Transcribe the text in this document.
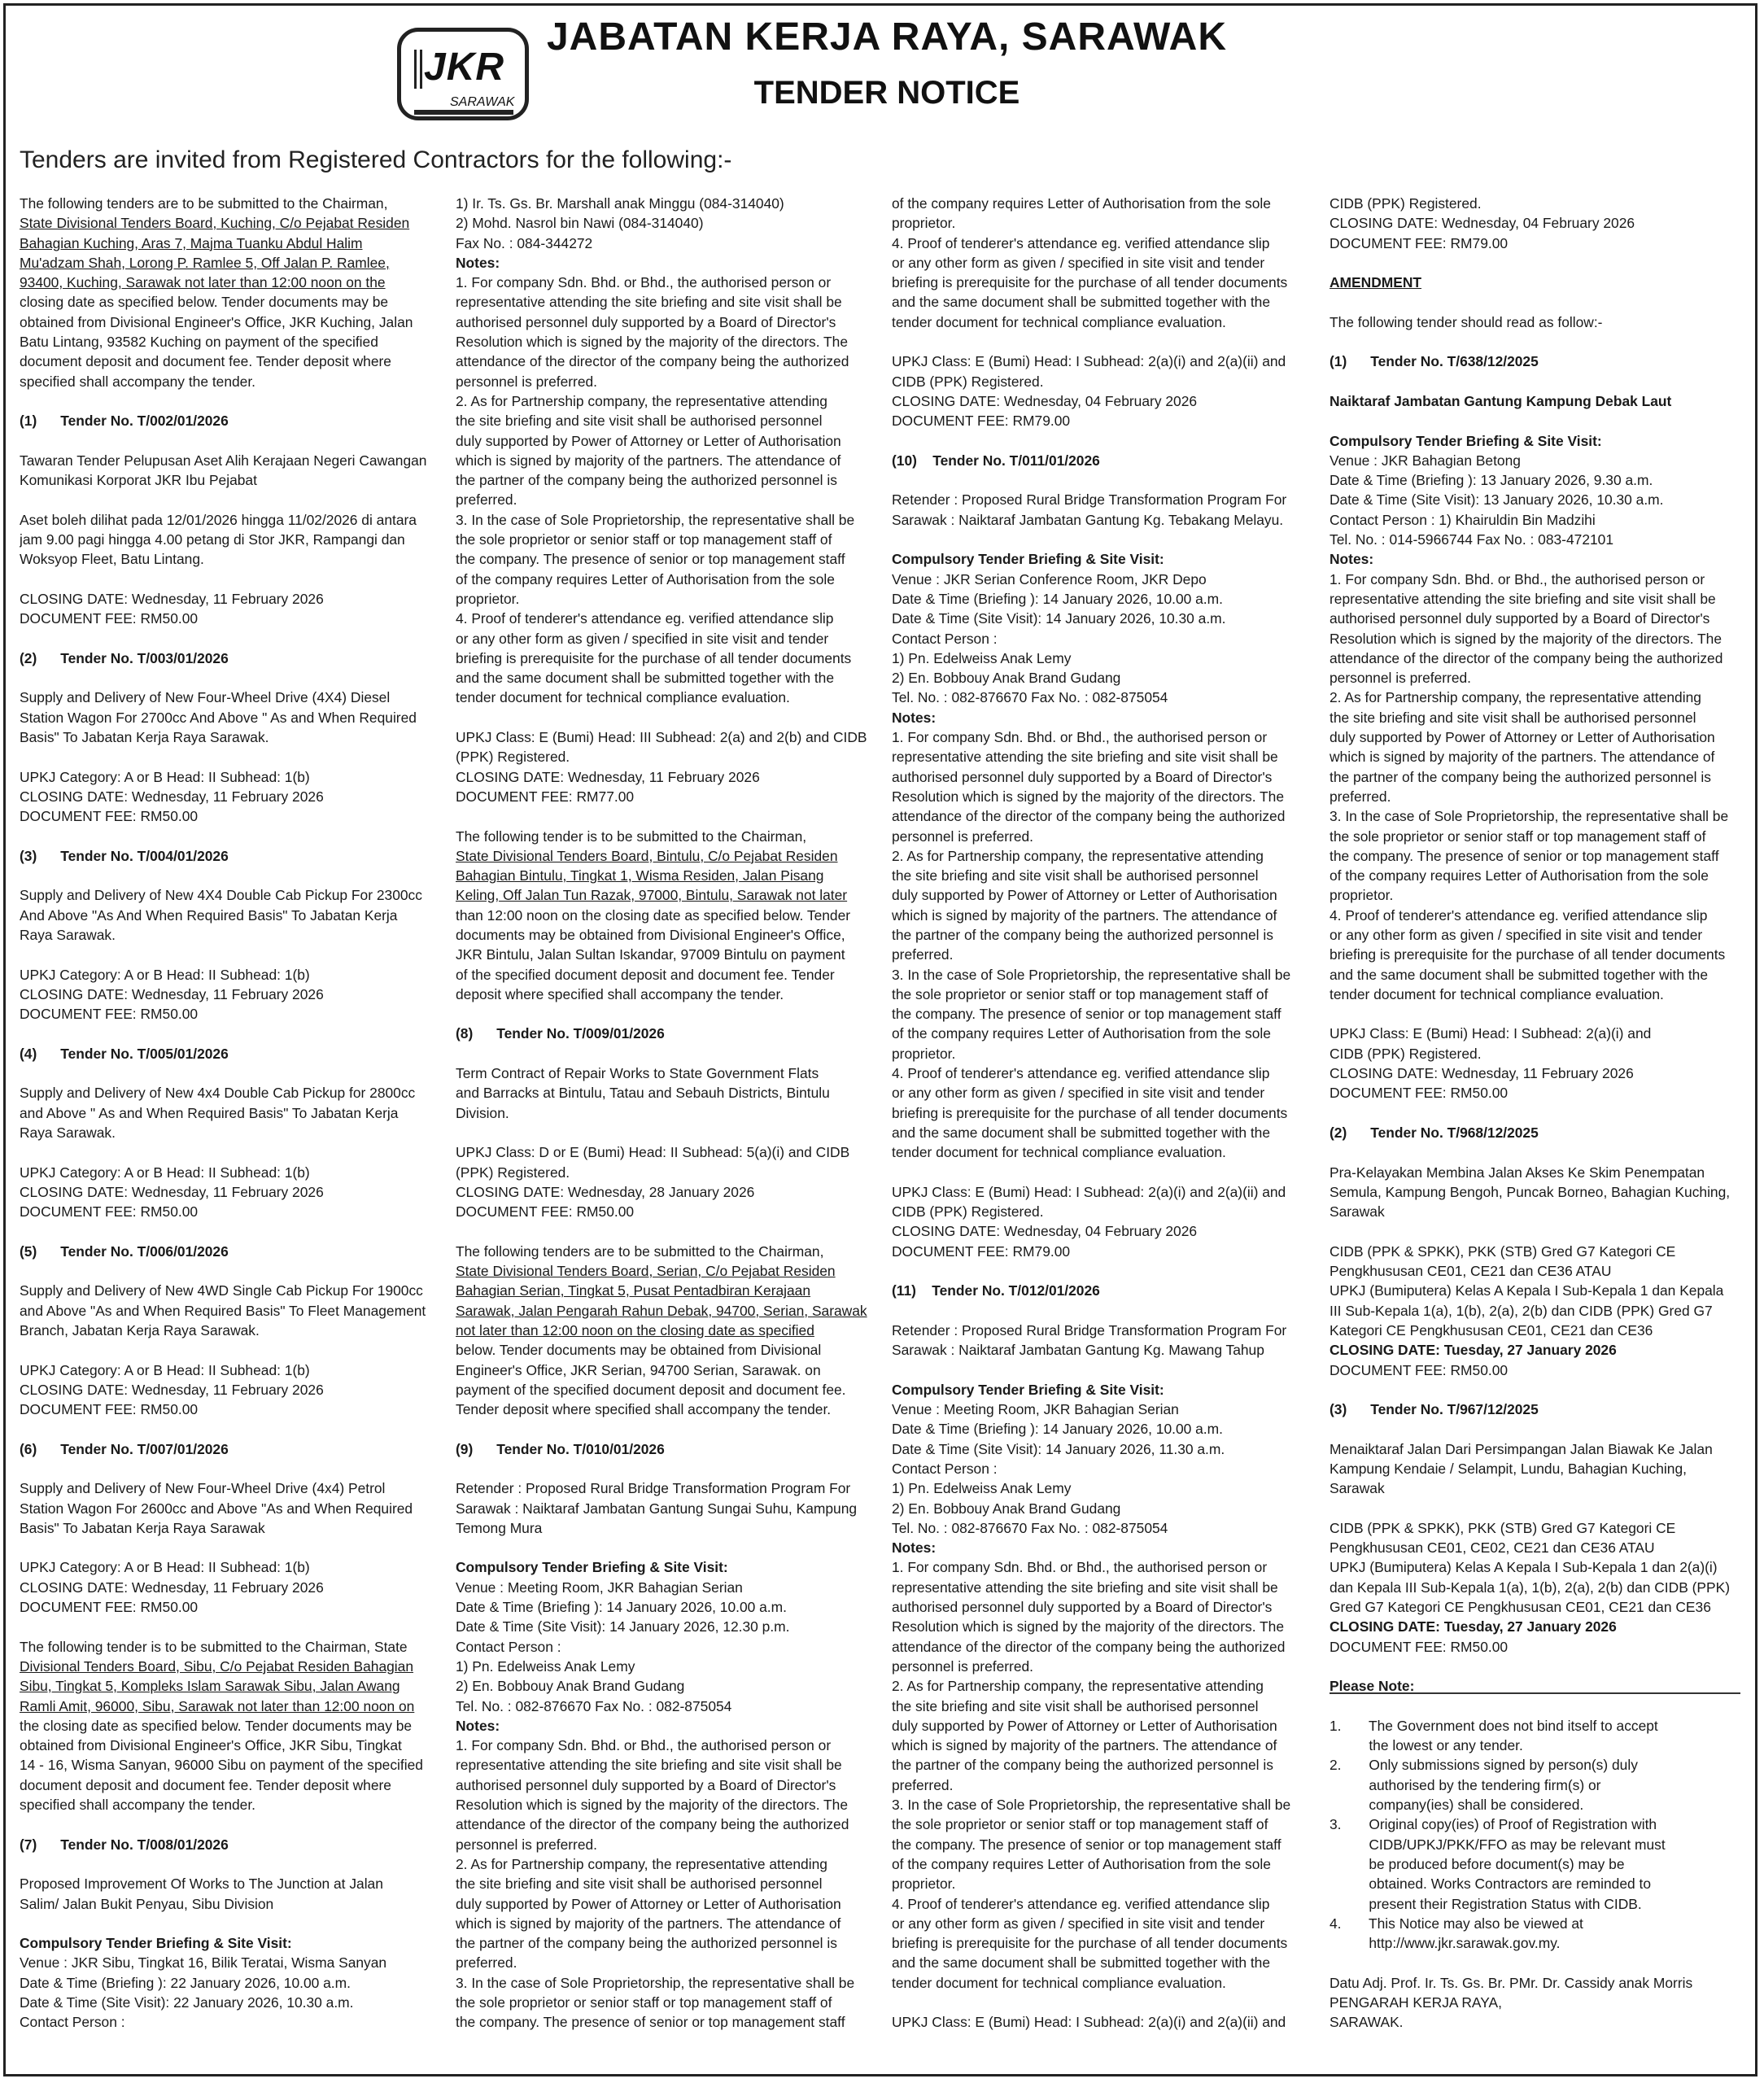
JKR
SARAWAK
JABATAN KERJA RAYA, SARAWAK
TENDER NOTICE
Tenders are invited from Registered Contractors for the following:-
The following tenders are to be submitted to the Chairman,
State Divisional Tenders Board, Kuching, C/o Pejabat Residen
Bahagian Kuching, Aras 7, Majma Tuanku Abdul Halim
Mu'adzam Shah, Lorong P. Ramlee 5, Off Jalan P. Ramlee,
93400, Kuching, Sarawak not later than 12:00 noon on the
closing date as specified below. Tender documents may be
obtained from Divisional Engineer's Office, JKR Kuching, Jalan
Batu Lintang, 93582 Kuching on payment of the specified
document deposit and document fee. Tender deposit where
specified shall accompany the tender.
(1)      Tender No. T/002/01/2026
Tawaran Tender Pelupusan Aset Alih Kerajaan Negeri Cawangan
Komunikasi Korporat JKR Ibu Pejabat
Aset boleh dilihat pada 12/01/2026 hingga 11/02/2026 di antara
jam 9.00 pagi hingga 4.00 petang di Stor JKR, Rampangi dan
Woksyop Fleet, Batu Lintang.
CLOSING DATE: Wednesday, 11 February 2026
DOCUMENT FEE: RM50.00
(2)      Tender No. T/003/01/2026
Supply and Delivery of New Four-Wheel Drive (4X4) Diesel
Station Wagon For 2700cc And Above " As and When Required
Basis" To Jabatan Kerja Raya Sarawak.
UPKJ Category: A or B Head: II Subhead: 1(b)
CLOSING DATE: Wednesday, 11 February 2026
DOCUMENT FEE: RM50.00
(3)      Tender No. T/004/01/2026
Supply and Delivery of New 4X4 Double Cab Pickup For 2300cc
And Above "As And When Required Basis" To Jabatan Kerja
Raya Sarawak.
UPKJ Category: A or B Head: II Subhead: 1(b)
CLOSING DATE: Wednesday, 11 February 2026
DOCUMENT FEE: RM50.00
(4)      Tender No. T/005/01/2026
Supply and Delivery of New 4x4 Double Cab Pickup for 2800cc
and Above " As and When Required Basis" To Jabatan Kerja
Raya Sarawak.
UPKJ Category: A or B Head: II Subhead: 1(b)
CLOSING DATE: Wednesday, 11 February 2026
DOCUMENT FEE: RM50.00
(5)      Tender No. T/006/01/2026
Supply and Delivery of New 4WD Single Cab Pickup For 1900cc
and Above "As and When Required Basis" To Fleet Management
Branch, Jabatan Kerja Raya Sarawak.
UPKJ Category: A or B Head: II Subhead: 1(b)
CLOSING DATE: Wednesday, 11 February 2026
DOCUMENT FEE: RM50.00
(6)      Tender No. T/007/01/2026
Supply and Delivery of New Four-Wheel Drive (4x4) Petrol
Station Wagon For 2600cc and Above "As and When Required
Basis" To Jabatan Kerja Raya Sarawak
UPKJ Category: A or B Head: II Subhead: 1(b)
CLOSING DATE: Wednesday, 11 February 2026
DOCUMENT FEE: RM50.00
The following tender is to be submitted to the Chairman, State
Divisional Tenders Board, Sibu, C/o Pejabat Residen Bahagian
Sibu, Tingkat 5, Kompleks Islam Sarawak Sibu, Jalan Awang
Ramli Amit, 96000, Sibu, Sarawak not later than 12:00 noon on
the closing date as specified below. Tender documents may be
obtained from Divisional Engineer's Office, JKR Sibu, Tingkat
14 - 16, Wisma Sanyan, 96000 Sibu on payment of the specified
document deposit and document fee. Tender deposit where
specified shall accompany the tender.
(7)      Tender No. T/008/01/2026
Proposed Improvement Of Works to The Junction at Jalan
Salim/ Jalan Bukit Penyau, Sibu Division
Compulsory Tender Briefing & Site Visit:
Venue : JKR Sibu, Tingkat 16, Bilik Teratai, Wisma Sanyan
Date & Time (Briefing ): 22 January 2026, 10.00 a.m.
Date & Time (Site Visit): 22 January 2026, 10.30 a.m.
Contact Person :
1) Ir. Ts. Gs. Br. Marshall anak Minggu (084-314040)
2) Mohd. Nasrol bin Nawi (084-314040)
Fax No. : 084-344272
Notes:
1. For company Sdn. Bhd. or Bhd., the authorised person or
representative attending the site briefing and site visit shall be
authorised personnel duly supported by a Board of Director's
Resolution which is signed by the majority of the directors. The
attendance of the director of the company being the authorized
personnel is preferred.
2. As for Partnership company, the representative attending
the site briefing and site visit shall be authorised personnel
duly supported by Power of Attorney or Letter of Authorisation
which is signed by majority of the partners. The attendance of
the partner of the company being the authorized personnel is
preferred.
3. In the case of Sole Proprietorship, the representative shall be
the sole proprietor or senior staff or top management staff of
the company. The presence of senior or top management staff
of the company requires Letter of Authorisation from the sole
proprietor.
4. Proof of tenderer's attendance eg. verified attendance slip
or any other form as given / specified in site visit and tender
briefing is prerequisite for the purchase of all tender documents
and the same document shall be submitted together with the
tender document for technical compliance evaluation.
UPKJ Class: E (Bumi) Head: III Subhead: 2(a) and 2(b) and CIDB
(PPK) Registered.
CLOSING DATE: Wednesday, 11 February 2026
DOCUMENT FEE: RM77.00
The following tender is to be submitted to the Chairman,
State Divisional Tenders Board, Bintulu, C/o Pejabat Residen
Bahagian Bintulu, Tingkat 1, Wisma Residen, Jalan Pisang
Keling, Off Jalan Tun Razak, 97000, Bintulu, Sarawak not later
than 12:00 noon on the closing date as specified below. Tender
documents may be obtained from Divisional Engineer's Office,
JKR Bintulu, Jalan Sultan Iskandar, 97009 Bintulu on payment
of the specified document deposit and document fee. Tender
deposit where specified shall accompany the tender.
(8)      Tender No. T/009/01/2026
Term Contract of Repair Works to State Government Flats
and Barracks at Bintulu, Tatau and Sebauh Districts, Bintulu
Division.
UPKJ Class: D or E (Bumi) Head: II Subhead: 5(a)(i) and CIDB
(PPK) Registered.
CLOSING DATE: Wednesday, 28 January 2026
DOCUMENT FEE: RM50.00
The following tenders are to be submitted to the Chairman,
State Divisional Tenders Board, Serian, C/o Pejabat Residen
Bahagian Serian, Tingkat 5, Pusat Pentadbiran Kerajaan
Sarawak, Jalan Pengarah Rahun Debak, 94700, Serian, Sarawak
not later than 12:00 noon on the closing date as specified
below. Tender documents may be obtained from Divisional
Engineer's Office, JKR Serian, 94700 Serian, Sarawak. on
payment of the specified document deposit and document fee.
Tender deposit where specified shall accompany the tender.
(9)      Tender No. T/010/01/2026
Retender : Proposed Rural Bridge Transformation Program For
Sarawak : Naiktaraf Jambatan Gantung Sungai Suhu, Kampung
Temong Mura
Compulsory Tender Briefing & Site Visit:
Venue : Meeting Room, JKR Bahagian Serian
Date & Time (Briefing ): 14 January 2026, 10.00 a.m.
Date & Time (Site Visit): 14 January 2026, 12.30 p.m.
Contact Person :
1) Pn. Edelweiss Anak Lemy
2) En. Bobbouy Anak Brand Gudang
Tel. No. : 082-876670 Fax No. : 082-875054
Notes:
1. For company Sdn. Bhd. or Bhd., the authorised person or
representative attending the site briefing and site visit shall be
authorised personnel duly supported by a Board of Director's
Resolution which is signed by the majority of the directors. The
attendance of the director of the company being the authorized
personnel is preferred.
2. As for Partnership company, the representative attending
the site briefing and site visit shall be authorised personnel
duly supported by Power of Attorney or Letter of Authorisation
which is signed by majority of the partners. The attendance of
the partner of the company being the authorized personnel is
preferred.
3. In the case of Sole Proprietorship, the representative shall be
the sole proprietor or senior staff or top management staff of
the company. The presence of senior or top management staff
of the company requires Letter of Authorisation from the sole
proprietor.
4. Proof of tenderer's attendance eg. verified attendance slip
or any other form as given / specified in site visit and tender
briefing is prerequisite for the purchase of all tender documents
and the same document shall be submitted together with the
tender document for technical compliance evaluation.
UPKJ Class: E (Bumi) Head: I Subhead: 2(a)(i) and 2(a)(ii) and
CIDB (PPK) Registered.
CLOSING DATE: Wednesday, 04 February 2026
DOCUMENT FEE: RM79.00
(10)    Tender No. T/011/01/2026
Retender : Proposed Rural Bridge Transformation Program For
Sarawak : Naiktaraf Jambatan Gantung Kg. Tebakang Melayu.
Compulsory Tender Briefing & Site Visit:
Venue : JKR Serian Conference Room, JKR Depo
Date & Time (Briefing ): 14 January 2026, 10.00 a.m.
Date & Time (Site Visit): 14 January 2026, 10.30 a.m.
Contact Person :
1) Pn. Edelweiss Anak Lemy
2) En. Bobbouy Anak Brand Gudang
Tel. No. : 082-876670 Fax No. : 082-875054
Notes:
1. For company Sdn. Bhd. or Bhd., the authorised person or
representative attending the site briefing and site visit shall be
authorised personnel duly supported by a Board of Director's
Resolution which is signed by the majority of the directors. The
attendance of the director of the company being the authorized
personnel is preferred.
2. As for Partnership company, the representative attending
the site briefing and site visit shall be authorised personnel
duly supported by Power of Attorney or Letter of Authorisation
which is signed by majority of the partners. The attendance of
the partner of the company being the authorized personnel is
preferred.
3. In the case of Sole Proprietorship, the representative shall be
the sole proprietor or senior staff or top management staff of
the company. The presence of senior or top management staff
of the company requires Letter of Authorisation from the sole
proprietor.
4. Proof of tenderer's attendance eg. verified attendance slip
or any other form as given / specified in site visit and tender
briefing is prerequisite for the purchase of all tender documents
and the same document shall be submitted together with the
tender document for technical compliance evaluation.
UPKJ Class: E (Bumi) Head: I Subhead: 2(a)(i) and 2(a)(ii) and
CIDB (PPK) Registered.
CLOSING DATE: Wednesday, 04 February 2026
DOCUMENT FEE: RM79.00
(11)    Tender No. T/012/01/2026
Retender : Proposed Rural Bridge Transformation Program For
Sarawak : Naiktaraf Jambatan Gantung Kg. Mawang Tahup
Compulsory Tender Briefing & Site Visit:
Venue : Meeting Room, JKR Bahagian Serian
Date & Time (Briefing ): 14 January 2026, 10.00 a.m.
Date & Time (Site Visit): 14 January 2026, 11.30 a.m.
Contact Person :
1) Pn. Edelweiss Anak Lemy
2) En. Bobbouy Anak Brand Gudang
Tel. No. : 082-876670 Fax No. : 082-875054
Notes:
1. For company Sdn. Bhd. or Bhd., the authorised person or
representative attending the site briefing and site visit shall be
authorised personnel duly supported by a Board of Director's
Resolution which is signed by the majority of the directors. The
attendance of the director of the company being the authorized
personnel is preferred.
2. As for Partnership company, the representative attending
the site briefing and site visit shall be authorised personnel
duly supported by Power of Attorney or Letter of Authorisation
which is signed by majority of the partners. The attendance of
the partner of the company being the authorized personnel is
preferred.
3. In the case of Sole Proprietorship, the representative shall be
the sole proprietor or senior staff or top management staff of
the company. The presence of senior or top management staff
of the company requires Letter of Authorisation from the sole
proprietor.
4. Proof of tenderer's attendance eg. verified attendance slip
or any other form as given / specified in site visit and tender
briefing is prerequisite for the purchase of all tender documents
and the same document shall be submitted together with the
tender document for technical compliance evaluation.
UPKJ Class: E (Bumi) Head: I Subhead: 2(a)(i) and 2(a)(ii) and
CIDB (PPK) Registered.
CLOSING DATE: Wednesday, 04 February 2026
DOCUMENT FEE: RM79.00
AMENDMENT
The following tender should read as follow:-
(1)      Tender No. T/638/12/2025
Naiktaraf Jambatan Gantung Kampung Debak Laut
Compulsory Tender Briefing & Site Visit:
Venue : JKR Bahagian Betong
Date & Time (Briefing ): 13 January 2026, 9.30 a.m.
Date & Time (Site Visit): 13 January 2026, 10.30 a.m.
Contact Person : 1) Khairuldin Bin Madzihi
Tel. No. : 014-5966744 Fax No. : 083-472101
Notes:
1. For company Sdn. Bhd. or Bhd., the authorised person or
representative attending the site briefing and site visit shall be
authorised personnel duly supported by a Board of Director's
Resolution which is signed by the majority of the directors. The
attendance of the director of the company being the authorized
personnel is preferred.
2. As for Partnership company, the representative attending
the site briefing and site visit shall be authorised personnel
duly supported by Power of Attorney or Letter of Authorisation
which is signed by majority of the partners. The attendance of
the partner of the company being the authorized personnel is
preferred.
3. In the case of Sole Proprietorship, the representative shall be
the sole proprietor or senior staff or top management staff of
the company. The presence of senior or top management staff
of the company requires Letter of Authorisation from the sole
proprietor.
4. Proof of tenderer's attendance eg. verified attendance slip
or any other form as given / specified in site visit and tender
briefing is prerequisite for the purchase of all tender documents
and the same document shall be submitted together with the
tender document for technical compliance evaluation.
UPKJ Class: E (Bumi) Head: I Subhead: 2(a)(i) and
CIDB (PPK) Registered.
CLOSING DATE: Wednesday, 11 February 2026
DOCUMENT FEE: RM50.00
(2)      Tender No. T/968/12/2025
Pra-Kelayakan Membina Jalan Akses Ke Skim Penempatan
Semula, Kampung Bengoh, Puncak Borneo, Bahagian Kuching,
Sarawak
CIDB (PPK & SPKK), PKK (STB) Gred G7 Kategori CE
Pengkhususan CE01, CE21 dan CE36 ATAU
UPKJ (Bumiputera) Kelas A Kepala I Sub-Kepala 1 dan Kepala
III Sub-Kepala 1(a), 1(b), 2(a), 2(b) dan CIDB (PPK) Gred G7
Kategori CE Pengkhususan CE01, CE21 dan CE36
CLOSING DATE: Tuesday, 27 January 2026
DOCUMENT FEE: RM50.00
(3)      Tender No. T/967/12/2025
Menaiktaraf Jalan Dari Persimpangan Jalan Biawak Ke Jalan
Kampung Kendaie / Selampit, Lundu, Bahagian Kuching,
Sarawak
CIDB (PPK & SPKK), PKK (STB) Gred G7 Kategori CE
Pengkhususan CE01, CE02, CE21 dan CE36 ATAU
UPKJ (Bumiputera) Kelas A Kepala I Sub-Kepala 1 dan 2(a)(i)
dan Kepala III Sub-Kepala 1(a), 1(b), 2(a), 2(b) dan CIDB (PPK)
Gred G7 Kategori CE Pengkhususan CE01, CE21 dan CE36
CLOSING DATE: Tuesday, 27 January 2026
DOCUMENT FEE: RM50.00
Please Note:
1.       The Government does not bind itself to accept
the lowest or any tender.
2.       Only submissions signed by person(s) duly
authorised by the tendering firm(s) or
company(ies) shall be considered.
3.       Original copy(ies) of Proof of Registration with
CIDB/UPKJ/PKK/FFO as may be relevant must
be produced before document(s) may be
obtained. Works Contractors are reminded to
present their Registration Status with CIDB.
4.       This Notice may also be viewed at
http://www.jkr.sarawak.gov.my.
Datu Adj. Prof. Ir. Ts. Gs. Br. PMr. Dr. Cassidy anak Morris
PENGARAH KERJA RAYA,
SARAWAK.
